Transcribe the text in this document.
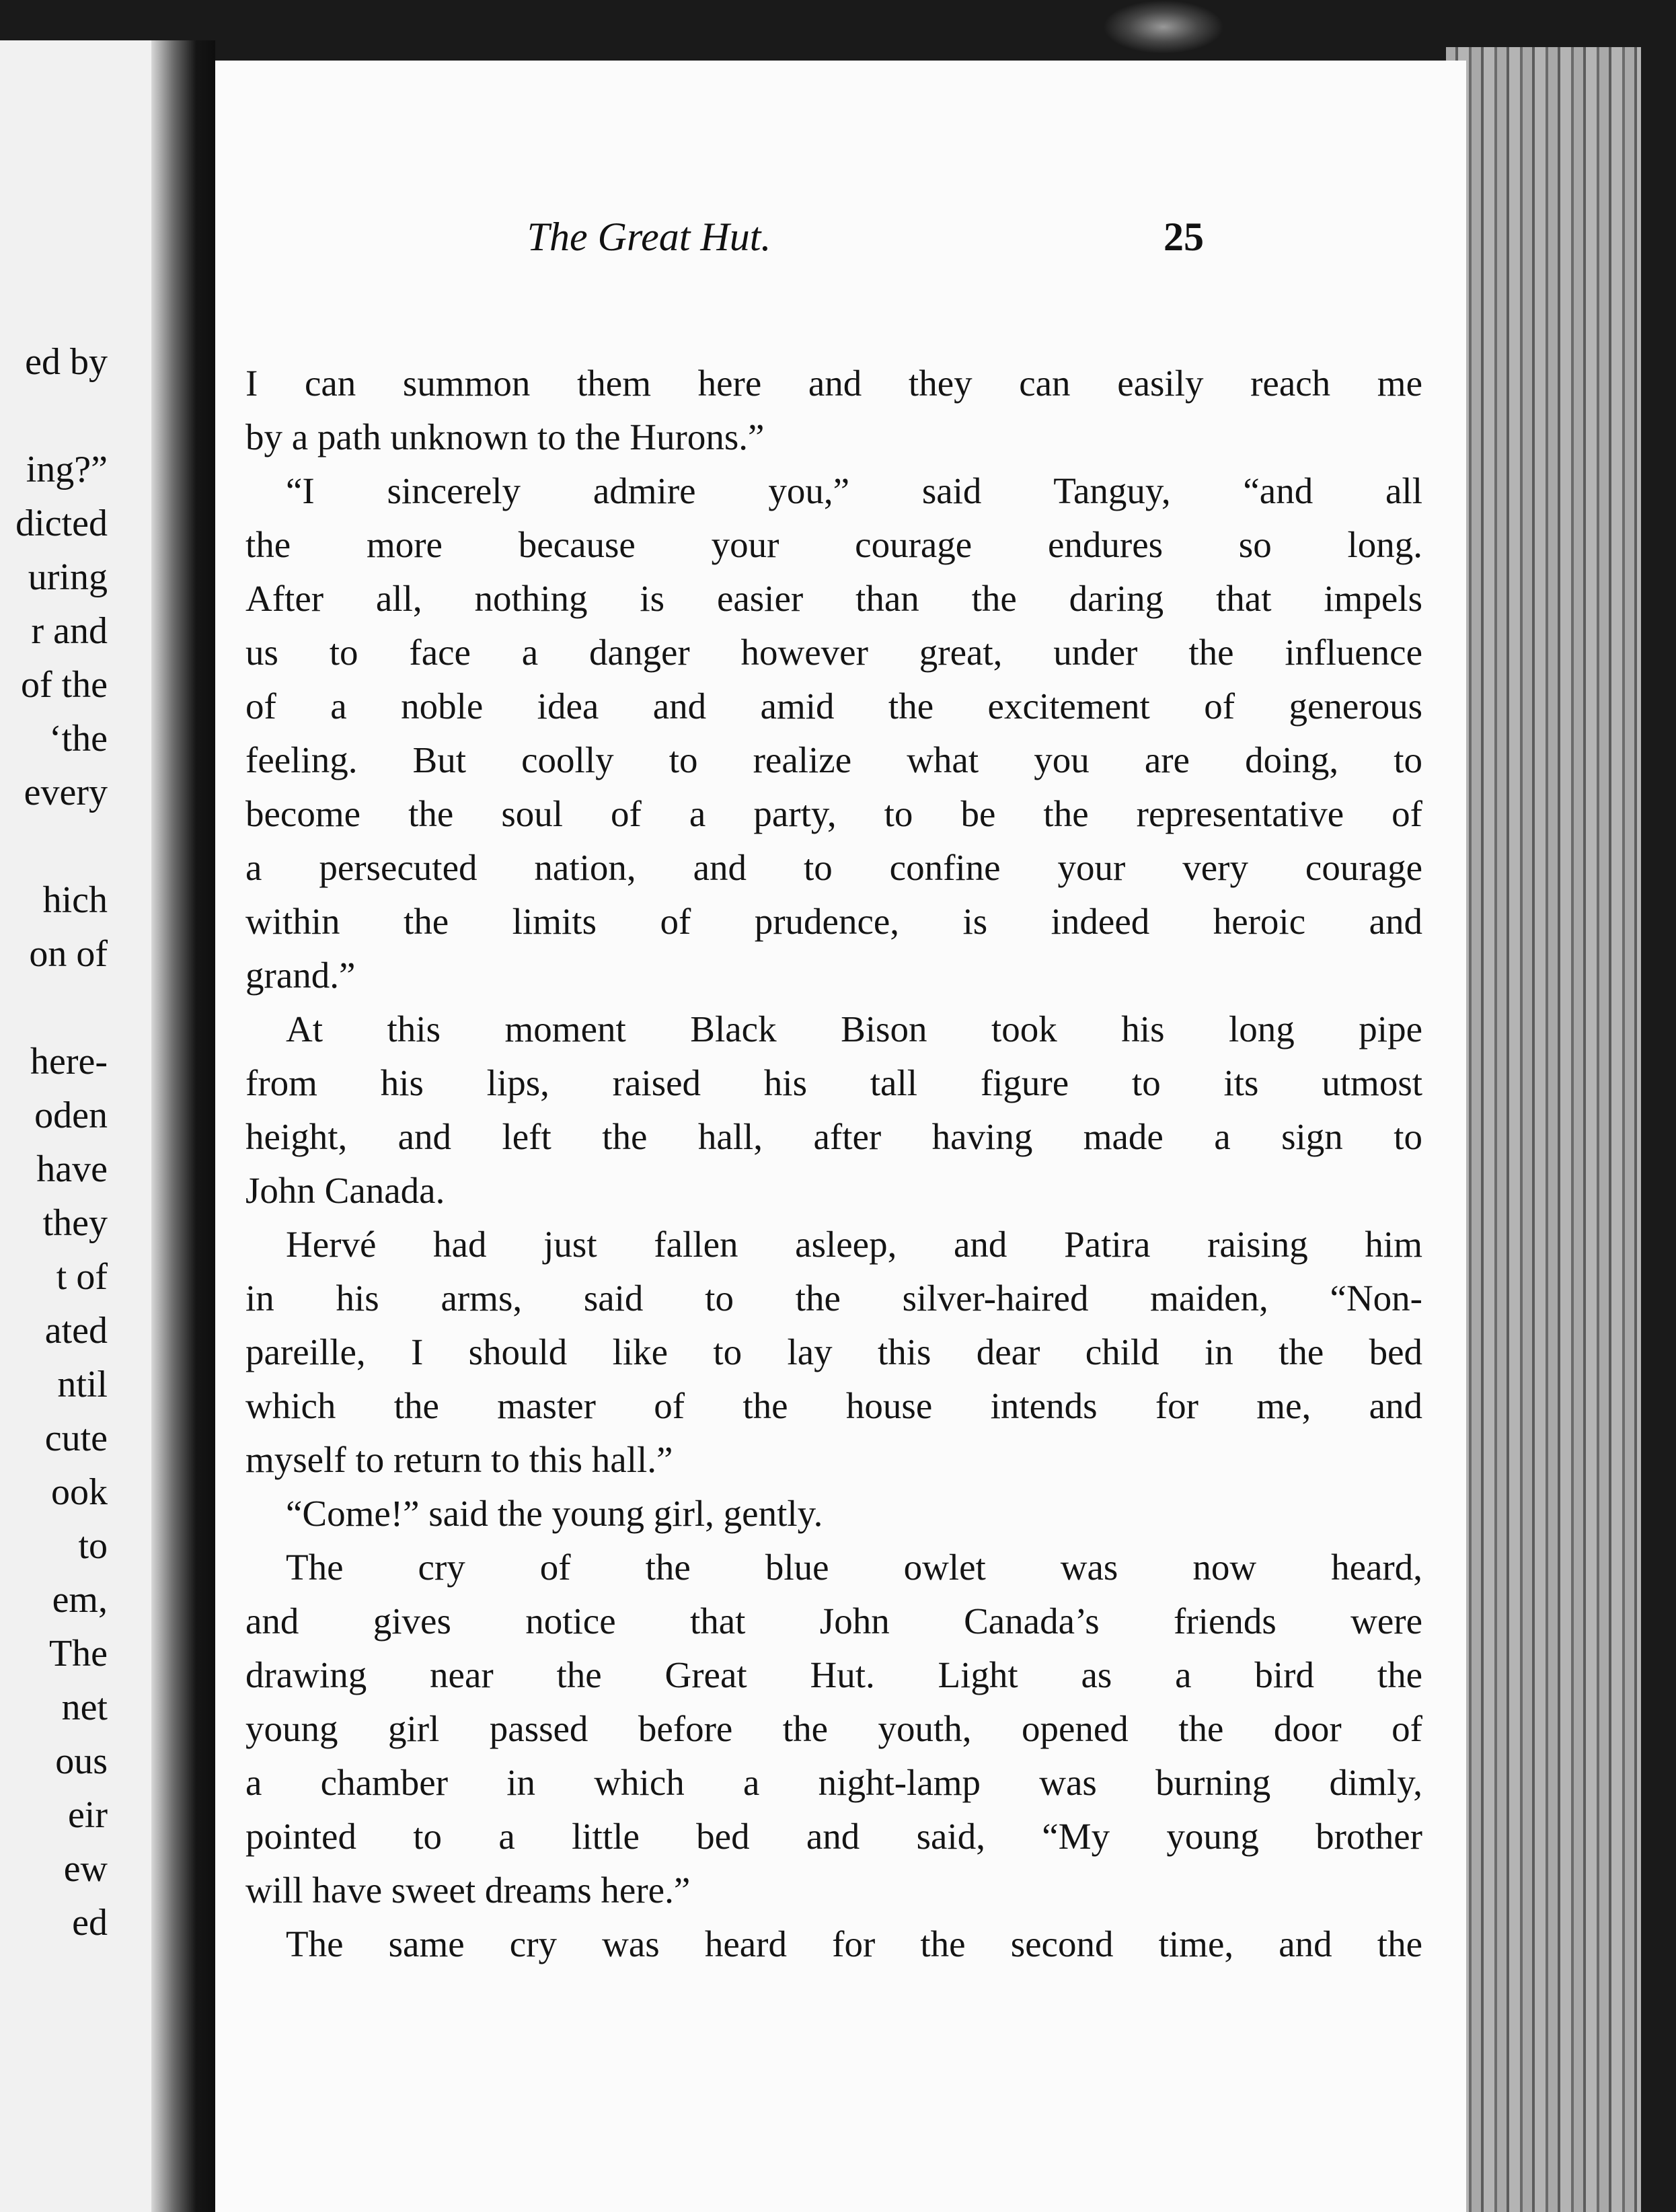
ed by
ing?”
dicted
uring
r and
of the
‘the
every
hich
on of
here-
oden
have
they
t of
ated
ntil
cute
ook
to
em,
The
net
ous
eir
ew
ed
The Great Hut.	25
I can summon them here and they can easily reach me
by a path unknown to the Hurons.”
“I sincerely admire you,” said Tanguy, “and all
the more because your courage endures so long.
After all, nothing is easier than the daring that impels
us to face a danger however great, under the influence
of a noble idea and amid the excitement of generous
feeling. But coolly to realize what you are doing, to
become the soul of a party, to be the representative of
a persecuted nation, and to confine your very courage
within the limits of prudence, is indeed heroic and
grand.”
At this moment Black Bison took his long pipe
from his lips, raised his tall figure to its utmost
height, and left the hall, after having made a sign to
John Canada.
Hervé had just fallen asleep, and Patira raising him
in his arms, said to the silver-haired maiden, “Non-
pareille, I should like to lay this dear child in the bed
which the master of the house intends for me, and
myself to return to this hall.”
“Come!” said the young girl, gently.
The cry of the blue owlet was now heard,
and gives notice that John Canada’s friends were
drawing near the Great Hut. Light as a bird the
young girl passed before the youth, opened the door of
a chamber in which a night-lamp was burning dimly,
pointed to a little bed and said, “My young brother
will have sweet dreams here.”
The same cry was heard for the second time, and the
